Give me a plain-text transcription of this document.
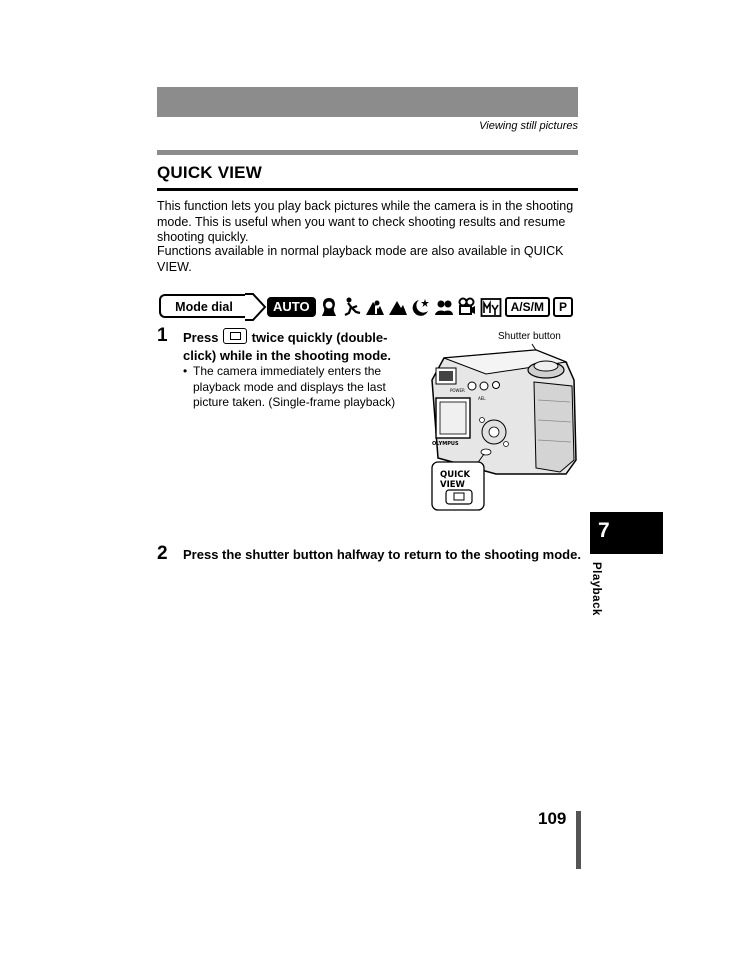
Viewing still pictures
QUICK VIEW

This function lets you play back pictures while the camera is in the shooting mode. This is useful when you want to check shooting results and resume shooting quickly.

Functions available in normal playback mode are also available in QUICK VIEW.

Mode dial	AUTO	A/S/M	P
1 Press	twice quickly (double-click) while in the shooting mode.
• The camera immediately enters the playback mode and displays the last picture taken. (Single-frame playback)
Shutter button
POWER
AEL
OLYMPUS
QUICK
VIEW
2 Press the shutter button halfway to return to the shooting mode.
7
Playback
109
